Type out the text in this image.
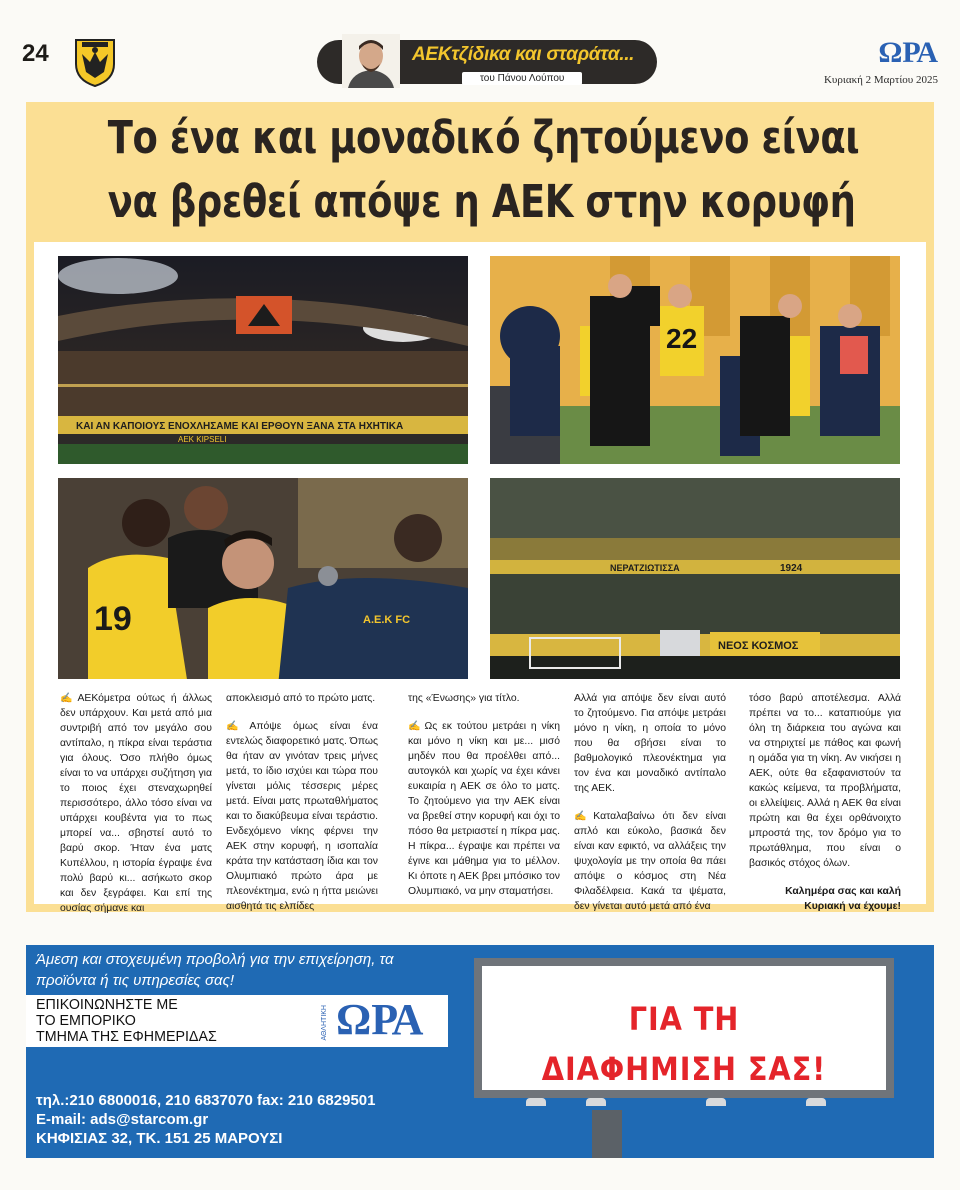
24	ΑΕΚτζίδικα και σταράτα...
του Πάνου Λούπου
ΩΡΑ
Κυριακή 2 Μαρτίου 2025
Το ένα και μοναδικό ζητούμενο είναι
να βρεθεί απόψε η ΑΕΚ στην κορυφή
ΚΑΙ ΑΝ ΚΑΠΟΙΟΥΣ ΕΝΟΧΛΗΣΑΜΕ ΚΑΙ ΕΡΘΟΥΝ ΞΑΝΑ ΣΤΑ ΗΧΗΤΙΚΑ
ΑΕΚ KIPSELI
22
19	Α.Ε.Κ FC
ΝΕΡΑΤΖΙΩΤΙΣΣΑ	1924
ΝΕΟΣ ΚΟΣΜΟΣ

✍ ΑΕΚόμετρα ούτως ή άλλως δεν υπάρχουν. Και μετά από μια συντριβή από τον μεγάλο σου αντίπαλο, η πίκρα είναι τεράστια για όλους. Όσο πλήθο όμως είναι το να υπάρχει συζήτηση για το ποιος έχει στεναχωρηθεί περισσότερο, άλλο τόσο είναι να υπάρχει κουβέντα για το πως μπορεί να... σβηστεί αυτό το βαρύ σκορ. Ήταν ένα ματς Κυπέλλου, η ιστορία έγραψε ένα πολύ βαρύ κι... ασήκωτο σκορ και δεν ξεγράφει. Και επί της ουσίας σήμανε και

αποκλεισμό από το πρώτο ματς.

✍ Απόψε όμως είναι ένα εντελώς διαφορετικό ματς. Όπως θα ήταν αν γινόταν τρεις μήνες μετά, το ίδιο ισχύει και τώρα που γίνεται μόλις τέσσερις μέρες μετά. Είναι ματς πρωταθλήματος και το διακύβευμα είναι τεράστιο. Ενδεχόμενο νίκης φέρνει την ΑΕΚ στην κορυφή, η ισοπαλία κράτα την κατάσταση ίδια και τον Ολυμπιακό πρώτο άρα με πλεονέκτημα, ενώ η ήττα μειώνει αισθητά τις ελπίδες

της «Ένωσης» για τίτλο.

✍ Ως εκ τούτου μετράει η νίκη και μόνο η νίκη και με... μισό μηδέν που θα προέλθει από... αυτογκόλ και χωρίς να έχει κάνει ευκαιρία η ΑΕΚ σε όλο το ματς. Το ζητούμενο για την ΑΕΚ είναι να βρεθεί στην κορυφή και όχι το πόσο θα μετριαστεί η πίκρα μας. Η πίκρα... έγραψε και πρέπει να έγινε και μάθημα για το μέλλον. Κι όποτε η ΑΕΚ βρει μπόσικο τον Ολυμπιακό, να μην σταματήσει.

Αλλά για απόψε δεν είναι αυτό το ζητούμενο. Για απόψε μετράει μόνο η νίκη, η οποία το μόνο που θα σβήσει είναι το βαθμολογικό πλεονέκτημα για τον ένα και μοναδικό αντίπαλο της ΑΕΚ.

✍ Καταλαβαίνω ότι δεν είναι απλό και εύκολο, βασικά δεν είναι καν εφικτό, να αλλάξεις την ψυχολογία με την οποία θα πάει απόψε ο κόσμος στη Νέα Φιλαδέλφεια. Κακά τα ψέματα, δεν γίνεται αυτό μετά από ένα

τόσο βαρύ αποτέλεσμα. Αλλά πρέπει να το... καταπιούμε για όλη τη διάρκεια του αγώνα και να στηριχτεί με πάθος και φωνή η ομάδα για τη νίκη. Αν νικήσει η ΑΕΚ, ούτε θα εξαφανιστούν τα κακώς κείμενα, τα προβλήματα, οι ελλείψεις. Αλλά η ΑΕΚ θα είναι πρώτη και θα έχει ορθάνοιχτο μπροστά της, τον δρόμο για το πρωτάθλημα, που είναι ο βασικός στόχος όλων.

Καλημέρα σας και καλή Κυριακή να έχουμε!

Άμεση και στοχευμένη προβολή για την επιχείρηση, τα προϊόντα ή τις υπηρεσίες σας!
ΕΠΙΚΟΙΝΩΝΗΣΤΕ ΜΕ
ΤΟ ΕΜΠΟΡΙΚΟ
ΤΜΗΜΑ ΤΗΣ ΕΦΗΜΕΡΙΔΑΣ	ΑΘΛΗΤΙΚΗ ΩΡΑ	ΓΙΑ ΤΗ
ΔΙΑΦΗΜΙΣΗ ΣΑΣ!
τηλ.:210 6800016, 210 6837070 fax: 210 6829501
E-mail: ads@starcom.gr
ΚΗΦΙΣΙΑΣ 32, ΤΚ. 151 25 ΜΑΡΟΥΣΙ
